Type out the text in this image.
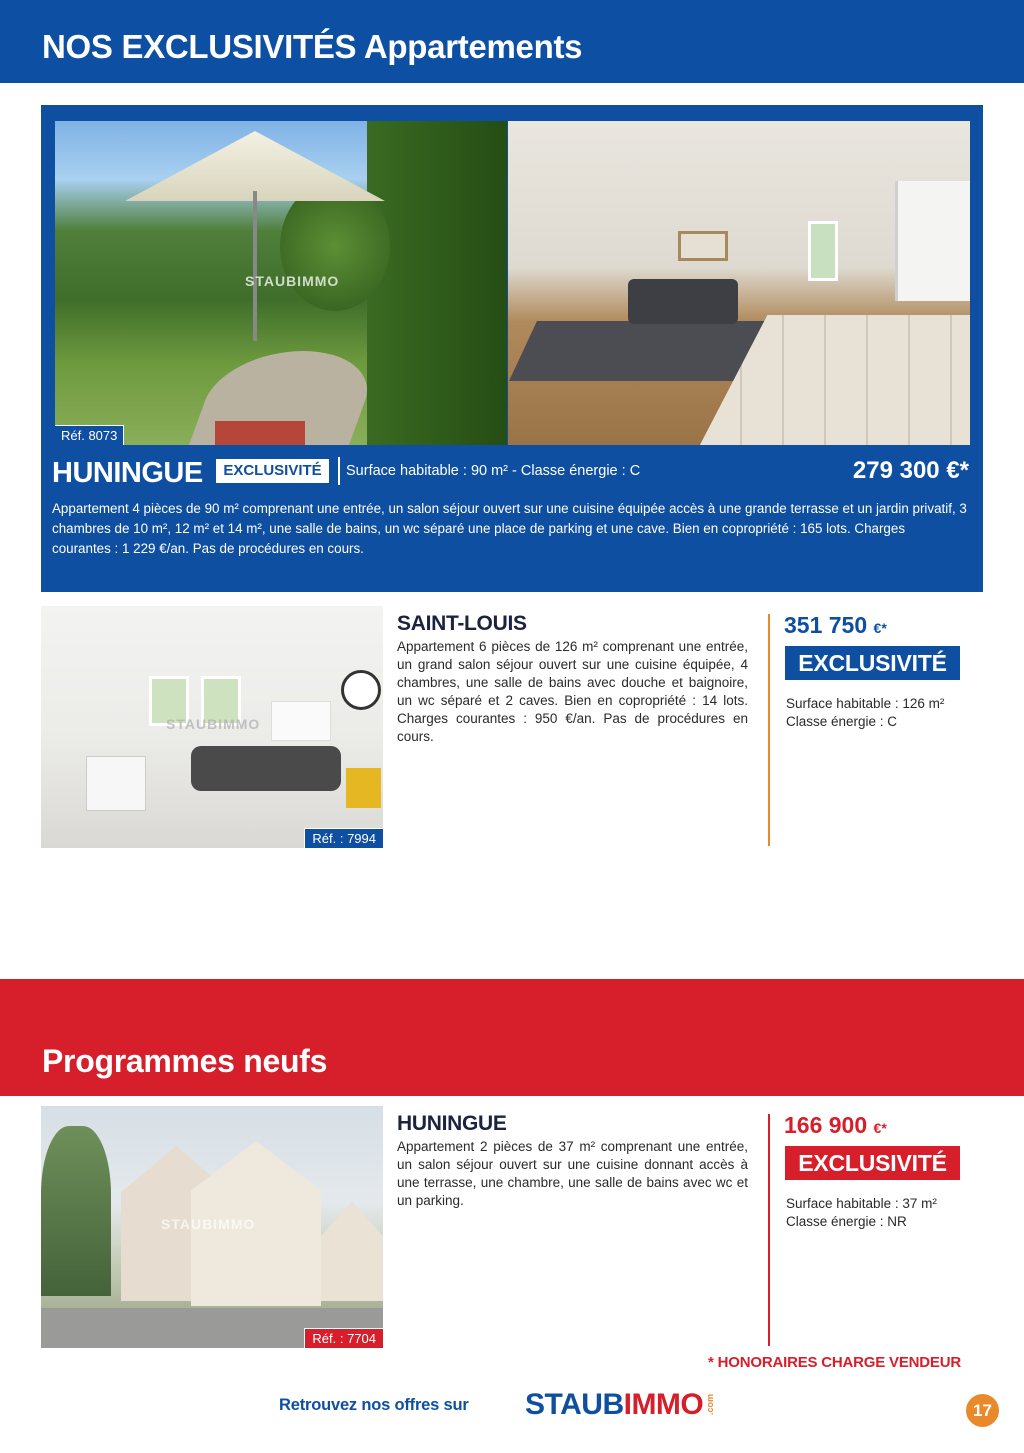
NOS EXCLUSIVITÉS Appartements
STAUBIMMO
Réf. 8073
HUNINGUE	EXCLUSIVITÉ	Surface habitable : 90 m² - Classe énergie : C	279 300 €*
Appartement 4 pièces de 90 m² comprenant une entrée, un salon séjour ouvert sur une cuisine équipée accès à une grande terrasse et un jardin privatif, 3 chambres de 10 m², 12 m² et 14 m², une salle de bains, un wc séparé une place de parking et une cave. Bien en copropriété : 165 lots. Charges courantes : 1 229 €/an. Pas de procédures en cours.
STAUBIMMO
Réf. : 7994
SAINT-LOUIS
Appartement 6 pièces de 126 m² comprenant une entrée, un grand salon séjour ouvert sur une cuisine équipée, 4 chambres, une salle de bains avec douche et baignoire, un wc séparé et 2 caves. Bien en copropriété : 14 lots. Charges courantes : 950 €/an. Pas de procédures en cours.
351 750 €*
EXCLUSIVITÉ
Surface habitable : 126 m²
Classe énergie : C
Programmes neufs
STAUBIMMO
Réf. : 7704
HUNINGUE
Appartement 2 pièces de 37 m² comprenant une entrée, un salon séjour ouvert sur une cuisine donnant accès à une terrasse, une chambre, une salle de bains avec wc et un parking.
166 900 €*
EXCLUSIVITÉ
Surface habitable : 37 m²
Classe énergie : NR
* HONORAIRES CHARGE VENDEUR
Retrouvez nos offres sur STAUB IMMO .com	17
